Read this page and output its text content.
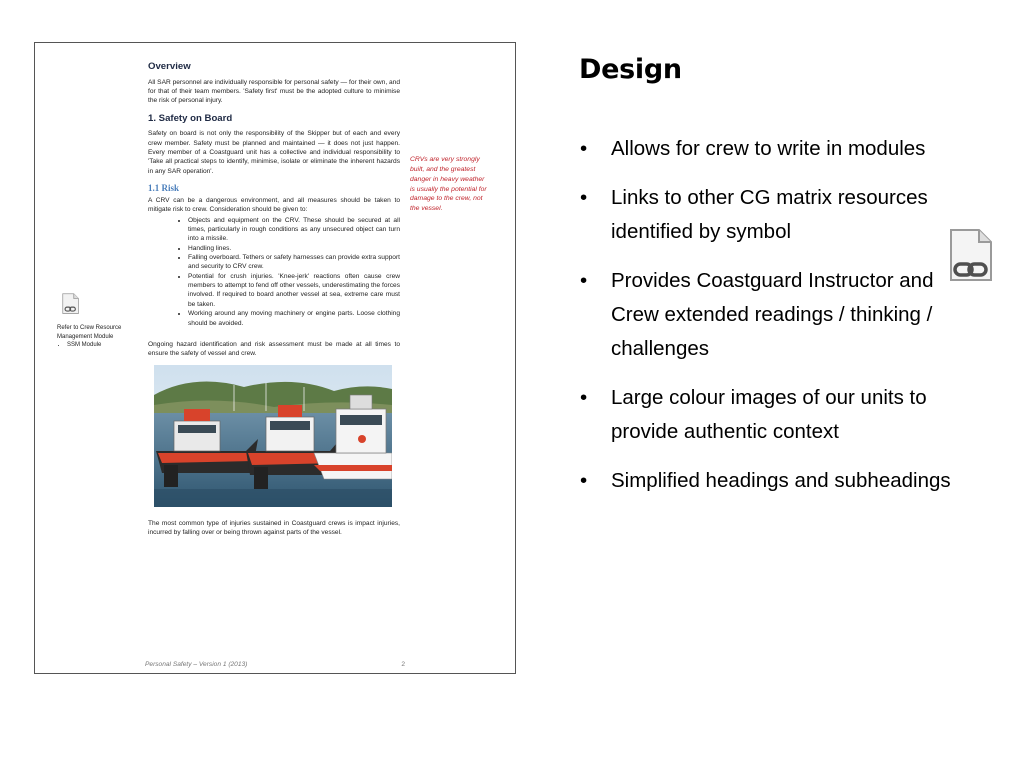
Overview

All SAR personnel are individually responsible for personal safety — for their own, and for that of their team members. 'Safety first' must be the adopted culture to minimise the risk of personal injury.

1. Safety on Board

Safety on board is not only the responsibility of the Skipper but of each and every crew member. Safety must be planned and maintained — it does not just happen. Every member of a Coastguard unit has a collective and individual responsibility to 'Take all practical steps to identify, minimise, isolate or eliminate the inherent hazards in any SAR operation'.

1.1 Risk

A CRV can be a dangerous environment, and all measures should be taken to mitigate risk to crew. Consideration should be given to:

• Objects and equipment on the CRV. These should be secured at all times, particularly in rough conditions as any unsecured object can turn into a missile.
• Handling lines.
• Falling overboard. Tethers or safety harnesses can provide extra support and security to CRV crew.
• Potential for crush injuries. 'Knee-jerk' reactions often cause crew members to attempt to fend off other vessels, underestimating the forces involved. If required to board another vessel at sea, extreme care must be taken.
• Working around any moving machinery or engine parts. Loose clothing should be avoided.

Ongoing hazard identification and risk assessment must be made at all times to ensure the safety of vessel and crew.

The most common type of injuries sustained in Coastguard crews is impact injuries, incurred by falling over or being thrown against parts of the vessel.

CRVs are very strongly built, and the greatest danger in heavy weather is usually the potential for damage to the crew, not the vessel.
Refer to Crew Resource Management Module
• SSM Module
Personal Safety – Version 1 (2013)	2
Design
• Allows for crew to write in modules
• Links to other CG matrix resources identified by symbol
• Provides Coastguard Instructor and Crew extended readings / thinking / challenges
• Large colour images of our units to provide authentic context
• Simplified headings and subheadings
